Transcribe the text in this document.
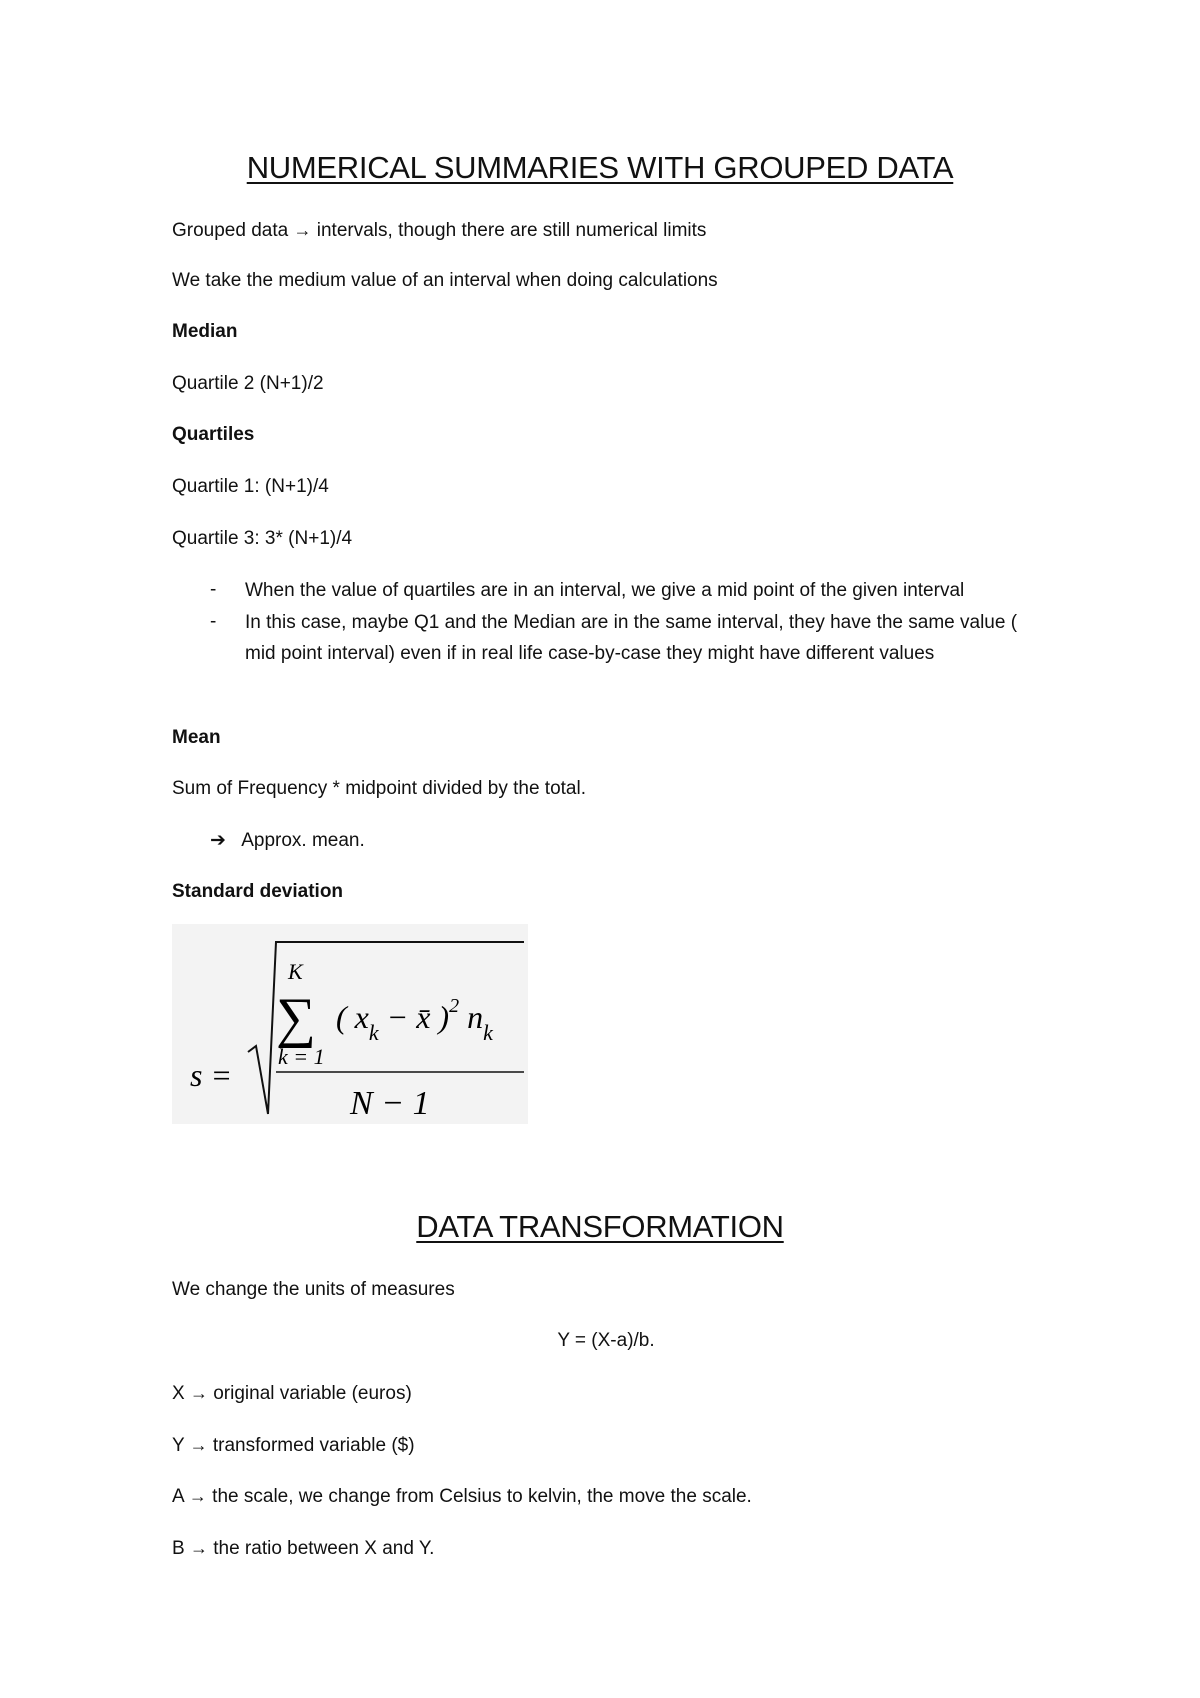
NUMERICAL SUMMARIES WITH GROUPED DATA
Grouped data → intervals, though there are still numerical limits
We take the medium value of an interval when doing calculations
Median
Quartile 2 (N+1)/2
Quartiles
Quartile 1: (N+1)/4
Quartile 3: 3* (N+1)/4
- When the value of quartiles are in an interval, we give a mid point of the given interval
- In this case, maybe Q1 and the Median are in the same interval, they have the same value ( mid point interval) even if in real life case-by-case they might have different values
Mean
Sum of Frequency * midpoint divided by the total.
➔ Approx. mean.
Standard deviation
s =
K
∑
k = 1
( $x_k$ − x̄ )$^2$ $n_k$
N − 1
DATA TRANSFORMATION
We change the units of measures
Y = (X-a)/b.
X → original variable (euros)
Y → transformed variable ($)
A → the scale, we change from Celsius to kelvin, the move the scale.
B → the ratio between X and Y.
